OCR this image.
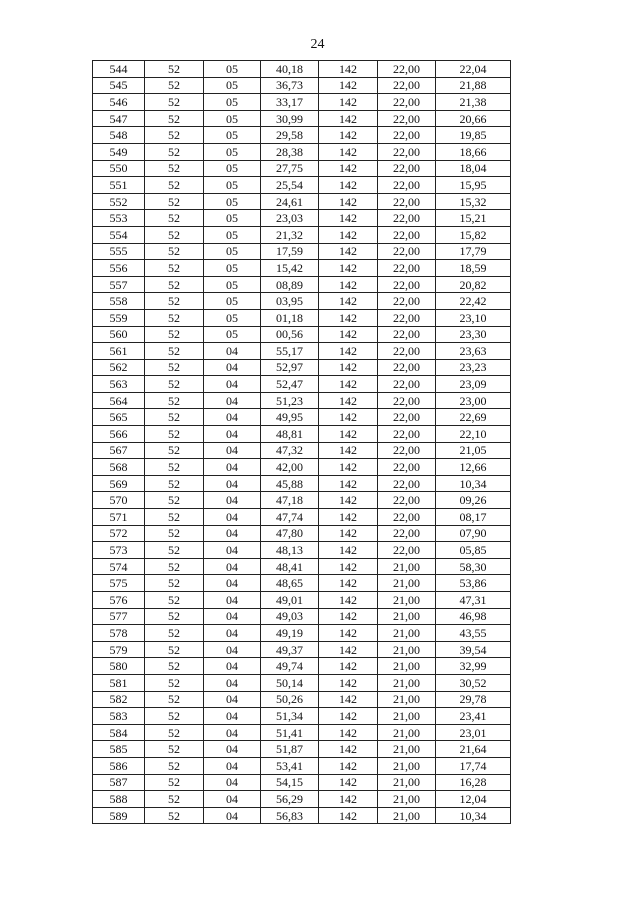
24
544	52	05	40,18	142	22,00	22,04
545	52	05	36,73	142	22,00	21,88
546	52	05	33,17	142	22,00	21,38
547	52	05	30,99	142	22,00	20,66
548	52	05	29,58	142	22,00	19,85
549	52	05	28,38	142	22,00	18,66
550	52	05	27,75	142	22,00	18,04
551	52	05	25,54	142	22,00	15,95
552	52	05	24,61	142	22,00	15,32
553	52	05	23,03	142	22,00	15,21
554	52	05	21,32	142	22,00	15,82
555	52	05	17,59	142	22,00	17,79
556	52	05	15,42	142	22,00	18,59
557	52	05	08,89	142	22,00	20,82
558	52	05	03,95	142	22,00	22,42
559	52	05	01,18	142	22,00	23,10
560	52	05	00,56	142	22,00	23,30
561	52	04	55,17	142	22,00	23,63
562	52	04	52,97	142	22,00	23,23
563	52	04	52,47	142	22,00	23,09
564	52	04	51,23	142	22,00	23,00
565	52	04	49,95	142	22,00	22,69
566	52	04	48,81	142	22,00	22,10
567	52	04	47,32	142	22,00	21,05
568	52	04	42,00	142	22,00	12,66
569	52	04	45,88	142	22,00	10,34
570	52	04	47,18	142	22,00	09,26
571	52	04	47,74	142	22,00	08,17
572	52	04	47,80	142	22,00	07,90
573	52	04	48,13	142	22,00	05,85
574	52	04	48,41	142	21,00	58,30
575	52	04	48,65	142	21,00	53,86
576	52	04	49,01	142	21,00	47,31
577	52	04	49,03	142	21,00	46,98
578	52	04	49,19	142	21,00	43,55
579	52	04	49,37	142	21,00	39,54
580	52	04	49,74	142	21,00	32,99
581	52	04	50,14	142	21,00	30,52
582	52	04	50,26	142	21,00	29,78
583	52	04	51,34	142	21,00	23,41
584	52	04	51,41	142	21,00	23,01
585	52	04	51,87	142	21,00	21,64
586	52	04	53,41	142	21,00	17,74
587	52	04	54,15	142	21,00	16,28
588	52	04	56,29	142	21,00	12,04
589	52	04	56,83	142	21,00	10,34
